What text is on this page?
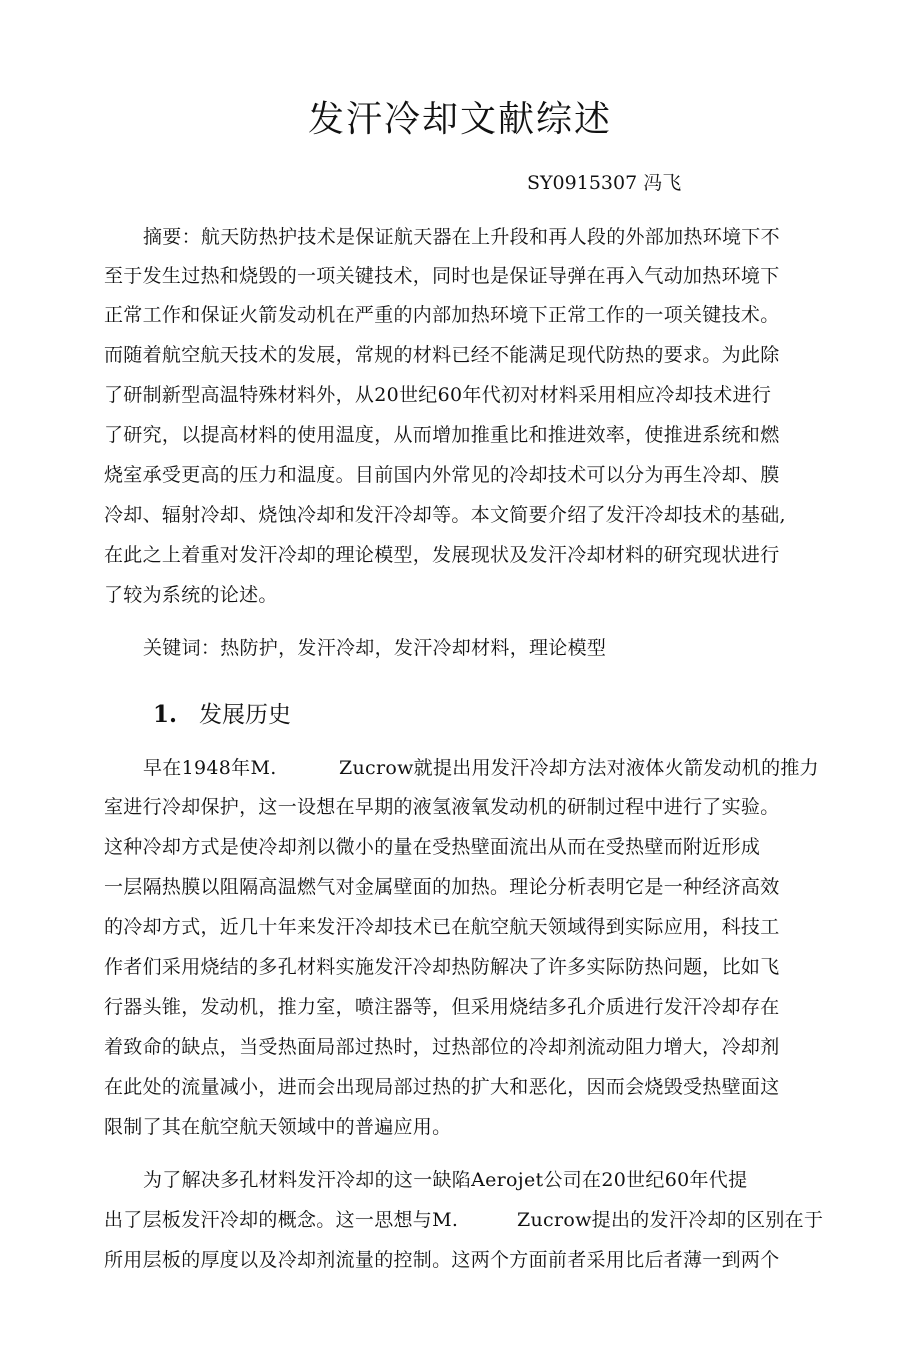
发汗冷却文献综述
SY0915307 冯飞
摘要：航天防热护技术是保证航天器在上升段和再人段的外部加热环境下不
至于发生过热和烧毁的一项关键技术，同时也是保证导弹在再入气动加热环境下
正常工作和保证火箭发动机在严重的内部加热环境下正常工作的一项关键技术。
而随着航空航天技术的发展，常规的材料已经不能满足现代防热的要求。为此除
了研制新型高温特殊材料外，从20世纪60年代初对材料采用相应冷却技术进行
了研究，以提高材料的使用温度，从而增加推重比和推进效率，使推进系统和燃
烧室承受更高的压力和温度。目前国内外常见的冷却技术可以分为再生冷却、膜
冷却、辐射冷却、烧蚀冷却和发汗冷却等。本文简要介绍了发汗冷却技术的基础,
在此之上着重对发汗冷却的理论模型，发展现状及发汗冷却材料的研究现状进行
了较为系统的论述。
关键词：热防护，发汗冷却，发汗冷却材料，理论模型
1. 发展历史
早在1948年M.	Zucrow就提出用发汗冷却方法对液体火箭发动机的推力
室进行冷却保护，这一设想在早期的液氢液氧发动机的研制过程中进行了实验。
这种冷却方式是使冷却剂以微小的量在受热壁面流出从而在受热壁而附近形成
一层隔热膜以阻隔高温燃气对金属壁面的加热。理论分析表明它是一种经济高效
的冷却方式，近几十年来发汗冷却技术已在航空航天领域得到实际应用，科技工
作者们采用烧结的多孔材料实施发汗冷却热防解决了许多实际防热问题，比如飞
行器头锥，发动机，推力室，喷注器等，但采用烧结多孔介质进行发汗冷却存在
着致命的缺点，当受热面局部过热时，过热部位的冷却剂流动阻力增大，冷却剂
在此处的流量减小，进而会出现局部过热的扩大和恶化，因而会烧毁受热壁面这
限制了其在航空航天领域中的普遍应用。
为了解决多孔材料发汗冷却的这一缺陷Aerojet公司在20世纪60年代提
出了层板发汗冷却的概念。这一思想与M.	Zucrow提出的发汗冷却的区别在于
所用层板的厚度以及冷却剂流量的控制。这两个方面前者采用比后者薄一到两个
